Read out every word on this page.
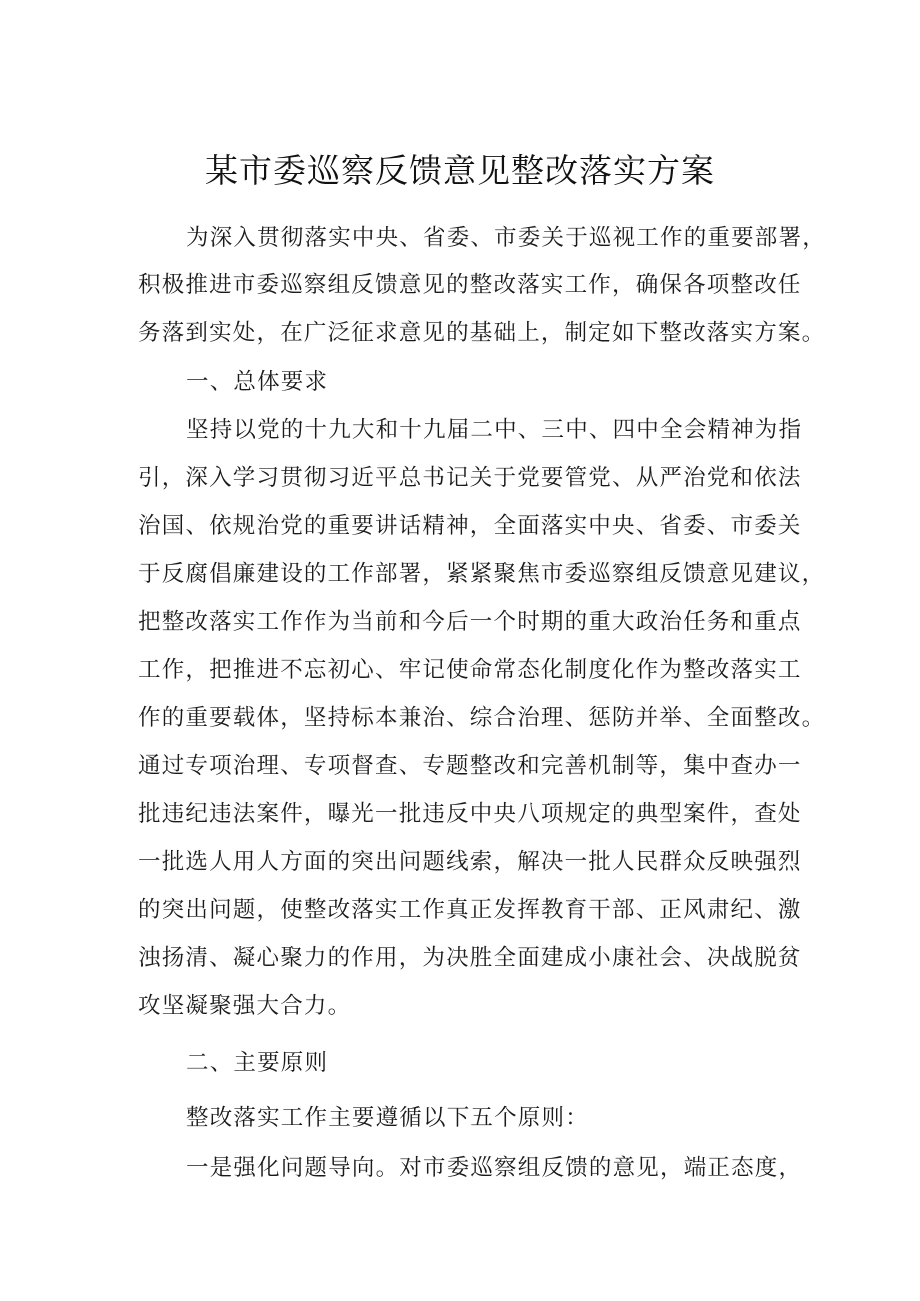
某市委巡察反馈意见整改落实方案
为深入贯彻落实中央、省委、市委关于巡视工作的重要部署，
积极推进市委巡察组反馈意见的整改落实工作，确保各项整改任
务落到实处，在广泛征求意见的基础上，制定如下整改落实方案。
一、总体要求
坚持以党的十九大和十九届二中、三中、四中全会精神为指
引，深入学习贯彻习近平总书记关于党要管党、从严治党和依法
治国、依规治党的重要讲话精神，全面落实中央、省委、市委关
于反腐倡廉建设的工作部署，紧紧聚焦市委巡察组反馈意见建议，
把整改落实工作作为当前和今后一个时期的重大政治任务和重点
工作，把推进不忘初心、牢记使命常态化制度化作为整改落实工
作的重要载体，坚持标本兼治、综合治理、惩防并举、全面整改。
通过专项治理、专项督查、专题整改和完善机制等，集中查办一
批违纪违法案件，曝光一批违反中央八项规定的典型案件，查处
一批选人用人方面的突出问题线索，解决一批人民群众反映强烈
的突出问题，使整改落实工作真正发挥教育干部、正风肃纪、激
浊扬清、凝心聚力的作用，为决胜全面建成小康社会、决战脱贫
攻坚凝聚强大合力。
二、主要原则
整改落实工作主要遵循以下五个原则：
一是强化问题导向。对市委巡察组反馈的意见，端正态度，
